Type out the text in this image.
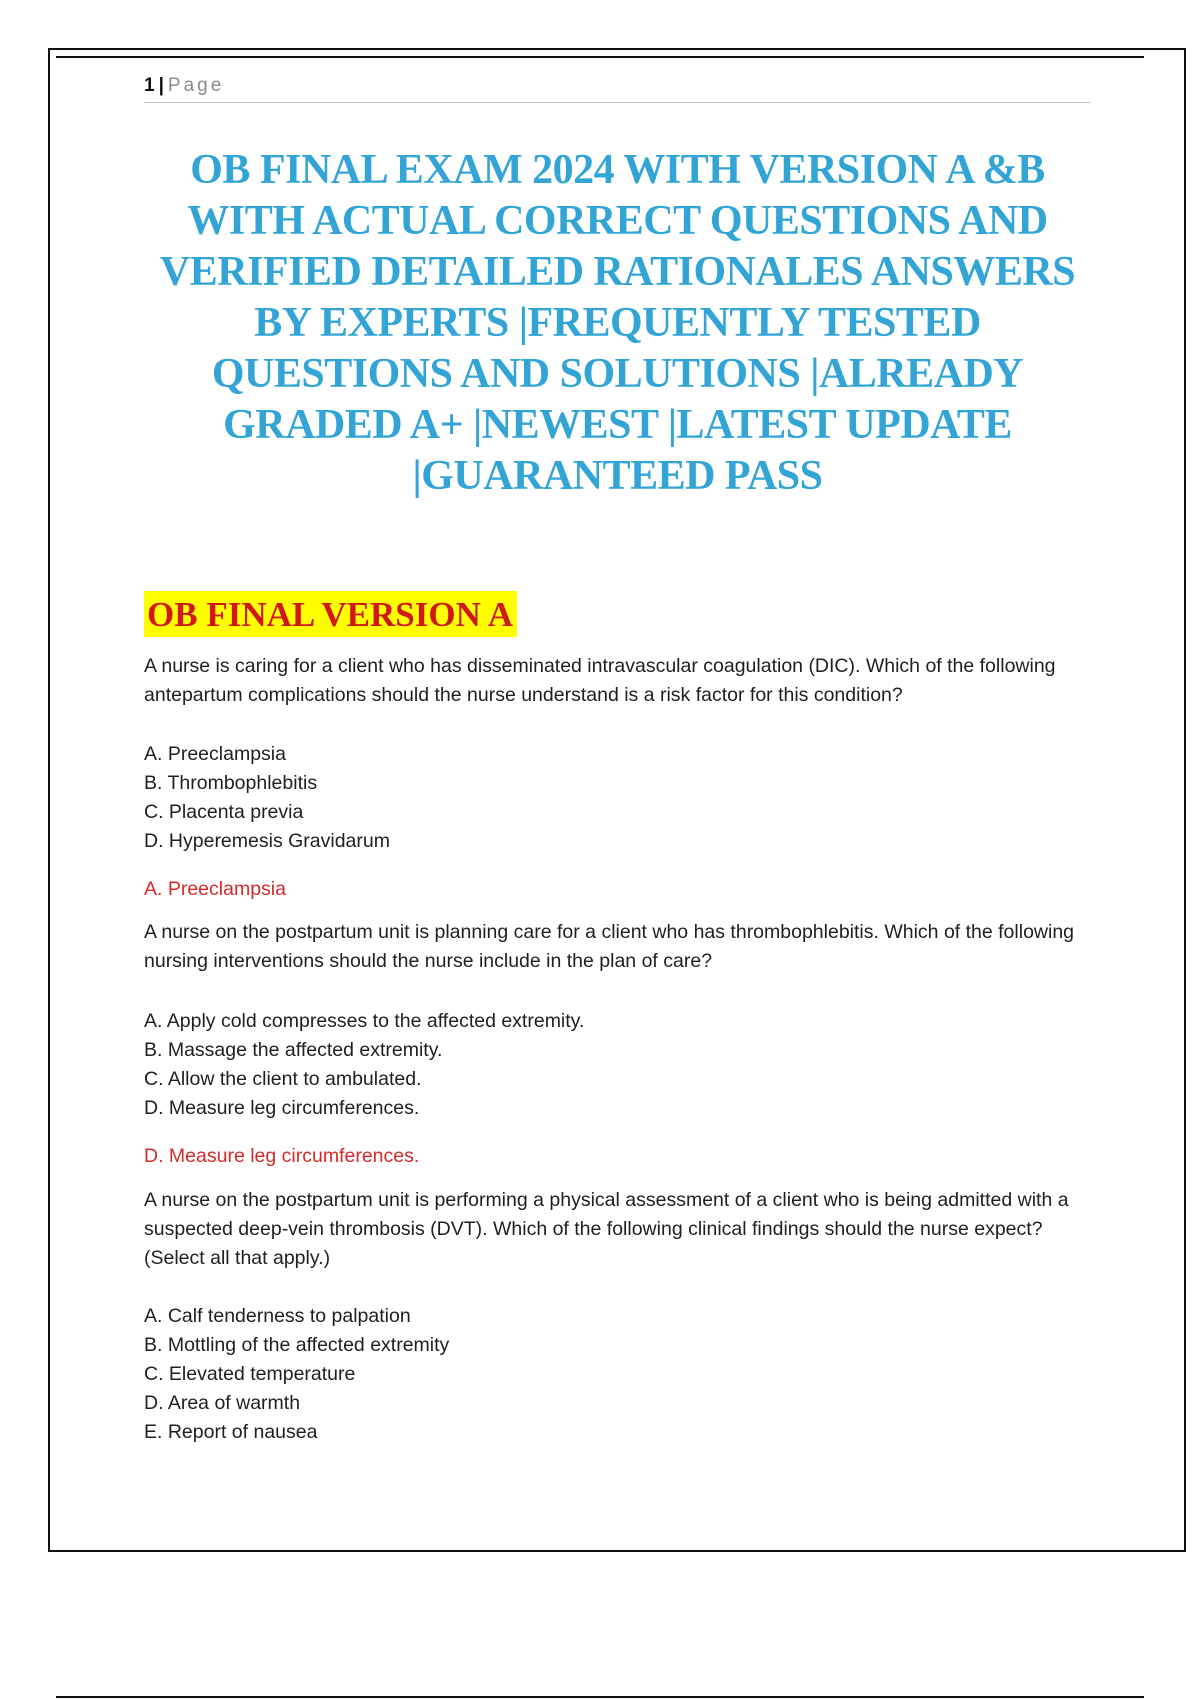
1 | Page
OB FINAL EXAM 2024 WITH VERSION A &B WITH ACTUAL CORRECT QUESTIONS AND VERIFIED DETAILED RATIONALES ANSWERS BY EXPERTS |FREQUENTLY TESTED QUESTIONS AND SOLUTIONS |ALREADY GRADED A+ |NEWEST |LATEST UPDATE |GUARANTEED PASS
OB FINAL VERSION A

A nurse is caring for a client who has disseminated intravascular coagulation (DIC). Which of the following antepartum complications should the nurse understand is a risk factor for this condition?

A. Preeclampsia
B. Thrombophlebitis
C. Placenta previa
D. Hyperemesis Gravidarum
A. Preeclampsia

A nurse on the postpartum unit is planning care for a client who has thrombophlebitis. Which of the following nursing interventions should the nurse include in the plan of care?

A. Apply cold compresses to the affected extremity.
B. Massage the affected extremity.
C. Allow the client to ambulated.
D. Measure leg circumferences.
D. Measure leg circumferences.

A nurse on the postpartum unit is performing a physical assessment of a client who is being admitted with a suspected deep-vein thrombosis (DVT). Which of the following clinical findings should the nurse expect? (Select all that apply.)

A. Calf tenderness to palpation
B. Mottling of the affected extremity
C. Elevated temperature
D. Area of warmth
E. Report of nausea
